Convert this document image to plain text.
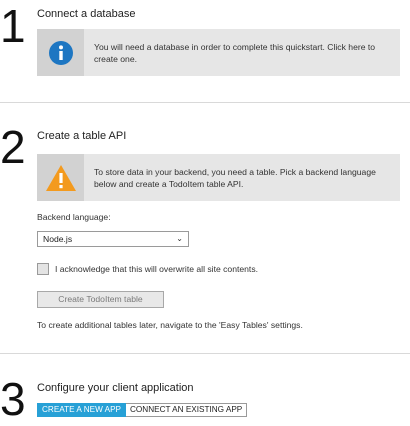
1 Connect a database
You will need a database in order to complete this quickstart. Click here to create one.
2 Create a table API
To store data in your backend, you need a table. Pick a backend language below and create a TodoItem table API.
Backend language:
Node.js	⌄
I acknowledge that this will overwrite all site contents.
Create TodoItem table
To create additional tables later, navigate to the 'Easy Tables' settings.
3 Configure your client application
CREATE A NEW APP	CONNECT AN EXISTING APP
